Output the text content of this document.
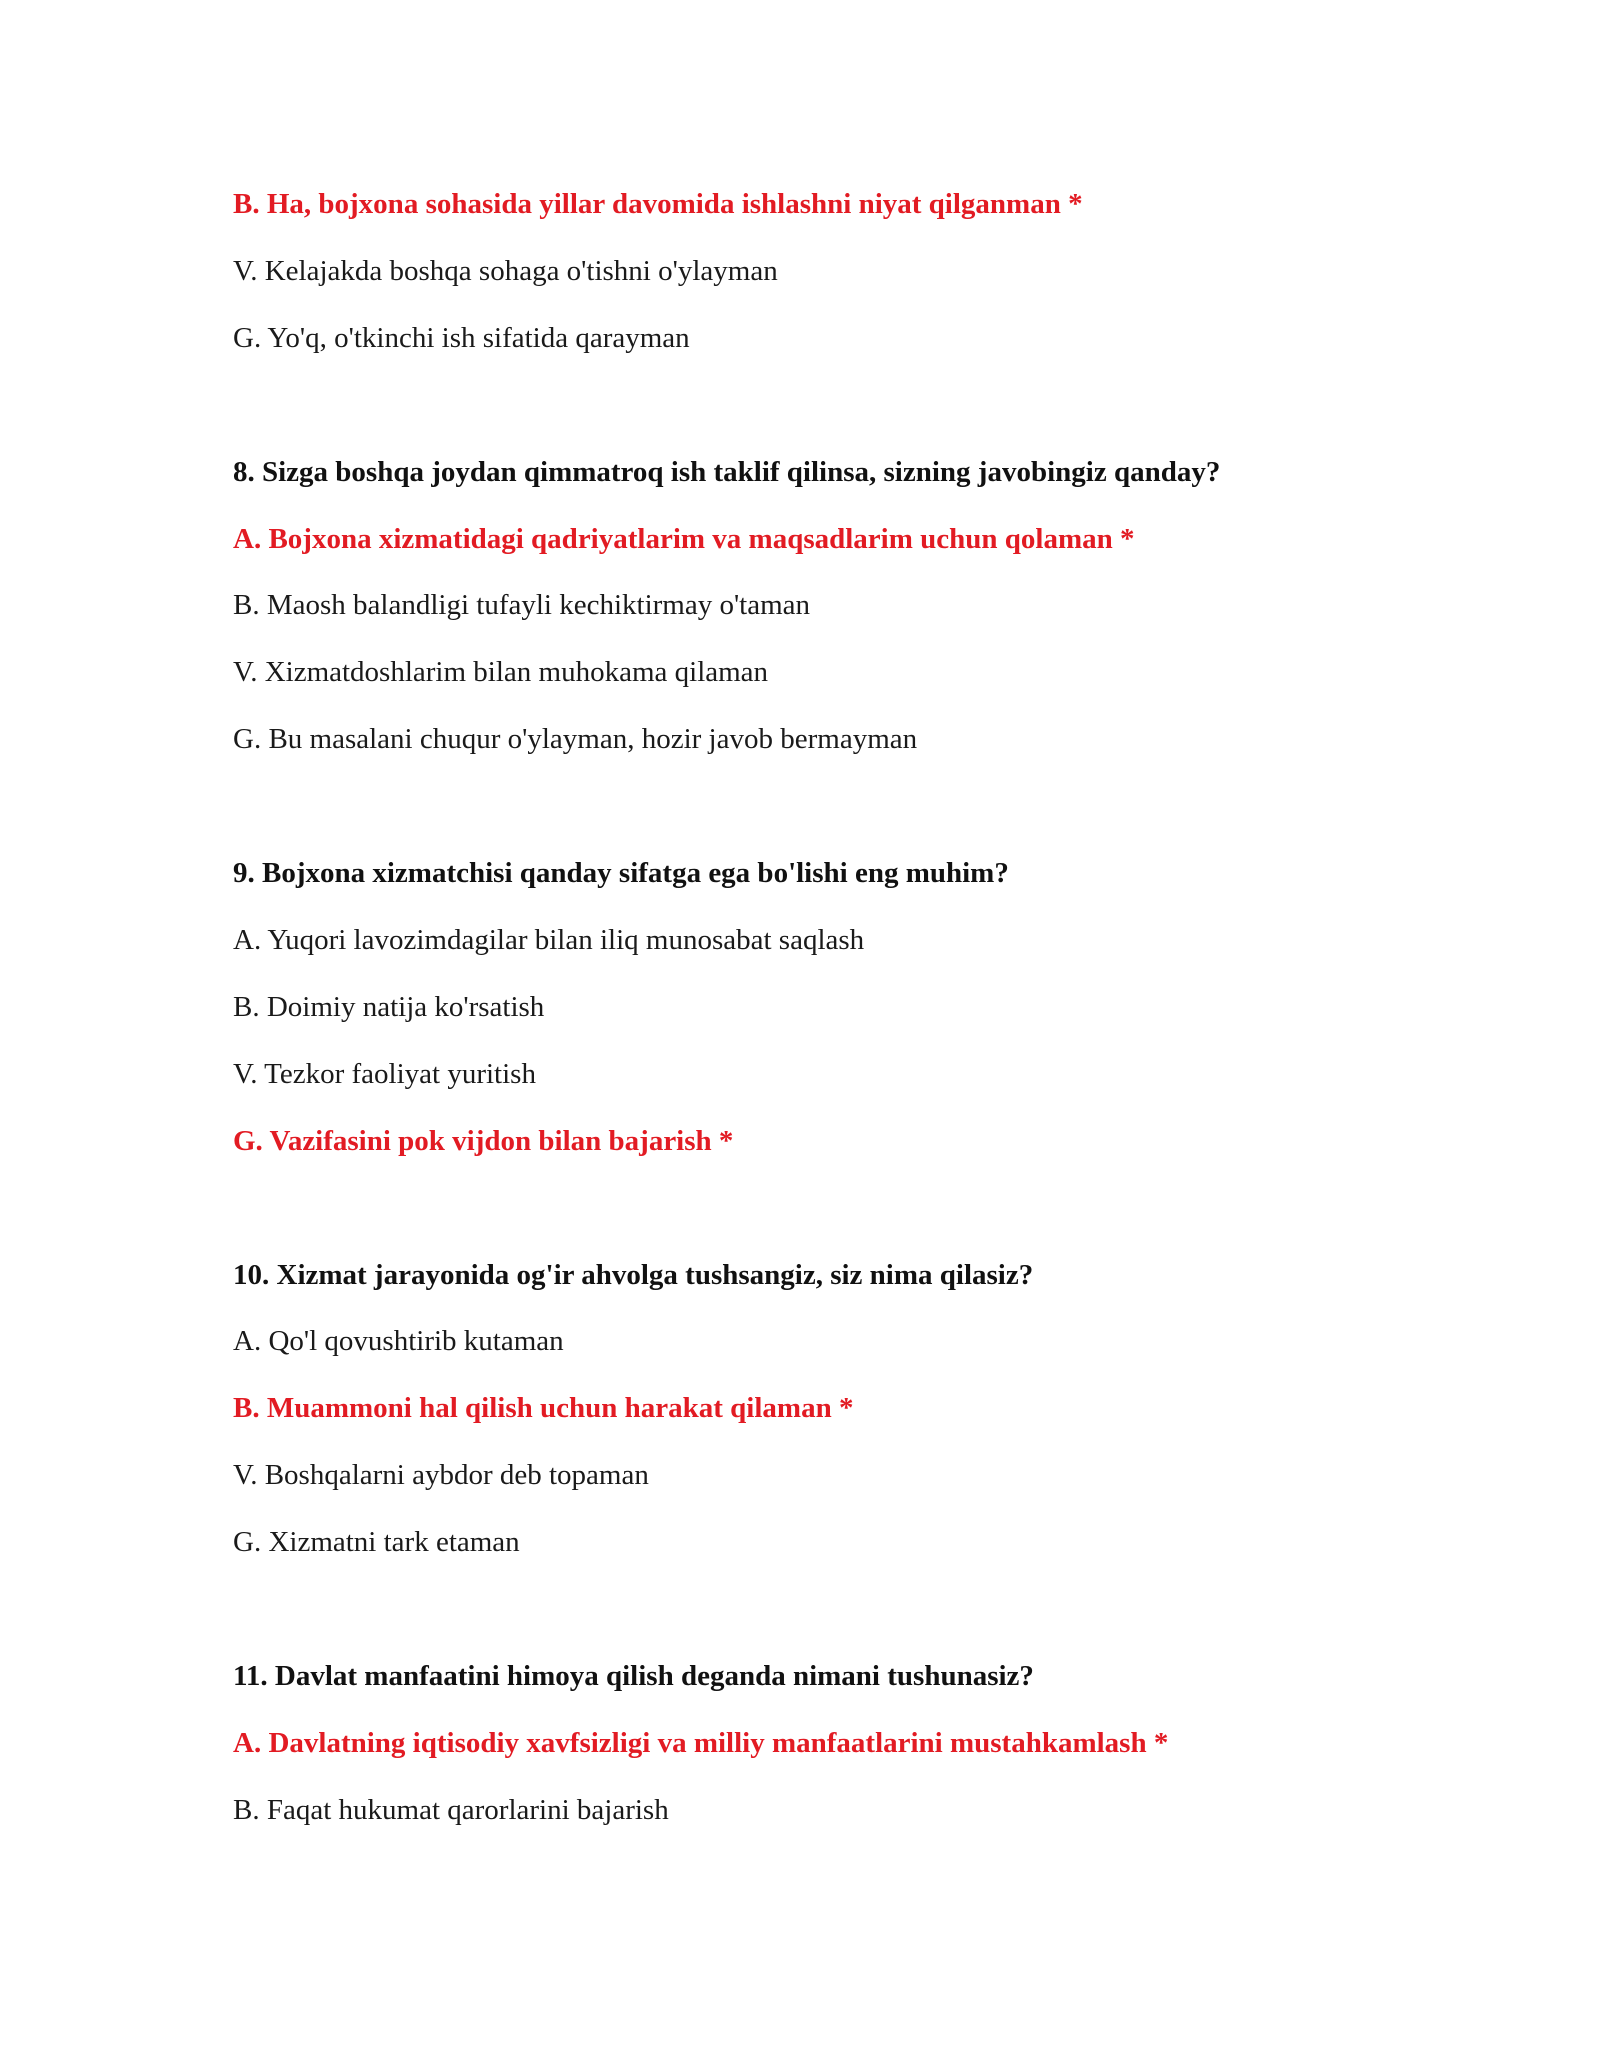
B. Ha, bojxona sohasida yillar davomida ishlashni niyat qilganman *
V. Kelajakda boshqa sohaga o'tishni o'ylayman
G. Yo'q, o'tkinchi ish sifatida qarayman
8. Sizga boshqa joydan qimmatroq ish taklif qilinsa, sizning javobingiz qanday?
A. Bojxona xizmatidagi qadriyatlarim va maqsadlarim uchun qolaman *
B. Maosh balandligi tufayli kechiktirmay o'taman
V. Xizmatdoshlarim bilan muhokama qilaman
G. Bu masalani chuqur o'ylayman, hozir javob bermayman
9. Bojxona xizmatchisi qanday sifatga ega bo'lishi eng muhim?
A. Yuqori lavozimdagilar bilan iliq munosabat saqlash
B. Doimiy natija ko'rsatish
V. Tezkor faoliyat yuritish
G. Vazifasini pok vijdon bilan bajarish *
10. Xizmat jarayonida og'ir ahvolga tushsangiz, siz nima qilasiz?
A. Qo'l qovushtirib kutaman
B. Muammoni hal qilish uchun harakat qilaman *
V. Boshqalarni aybdor deb topaman
G. Xizmatni tark etaman
11. Davlat manfaatini himoya qilish deganda nimani tushunasiz?
A. Davlatning iqtisodiy xavfsizligi va milliy manfaatlarini mustahkamlash *
B. Faqat hukumat qarorlarini bajarish
